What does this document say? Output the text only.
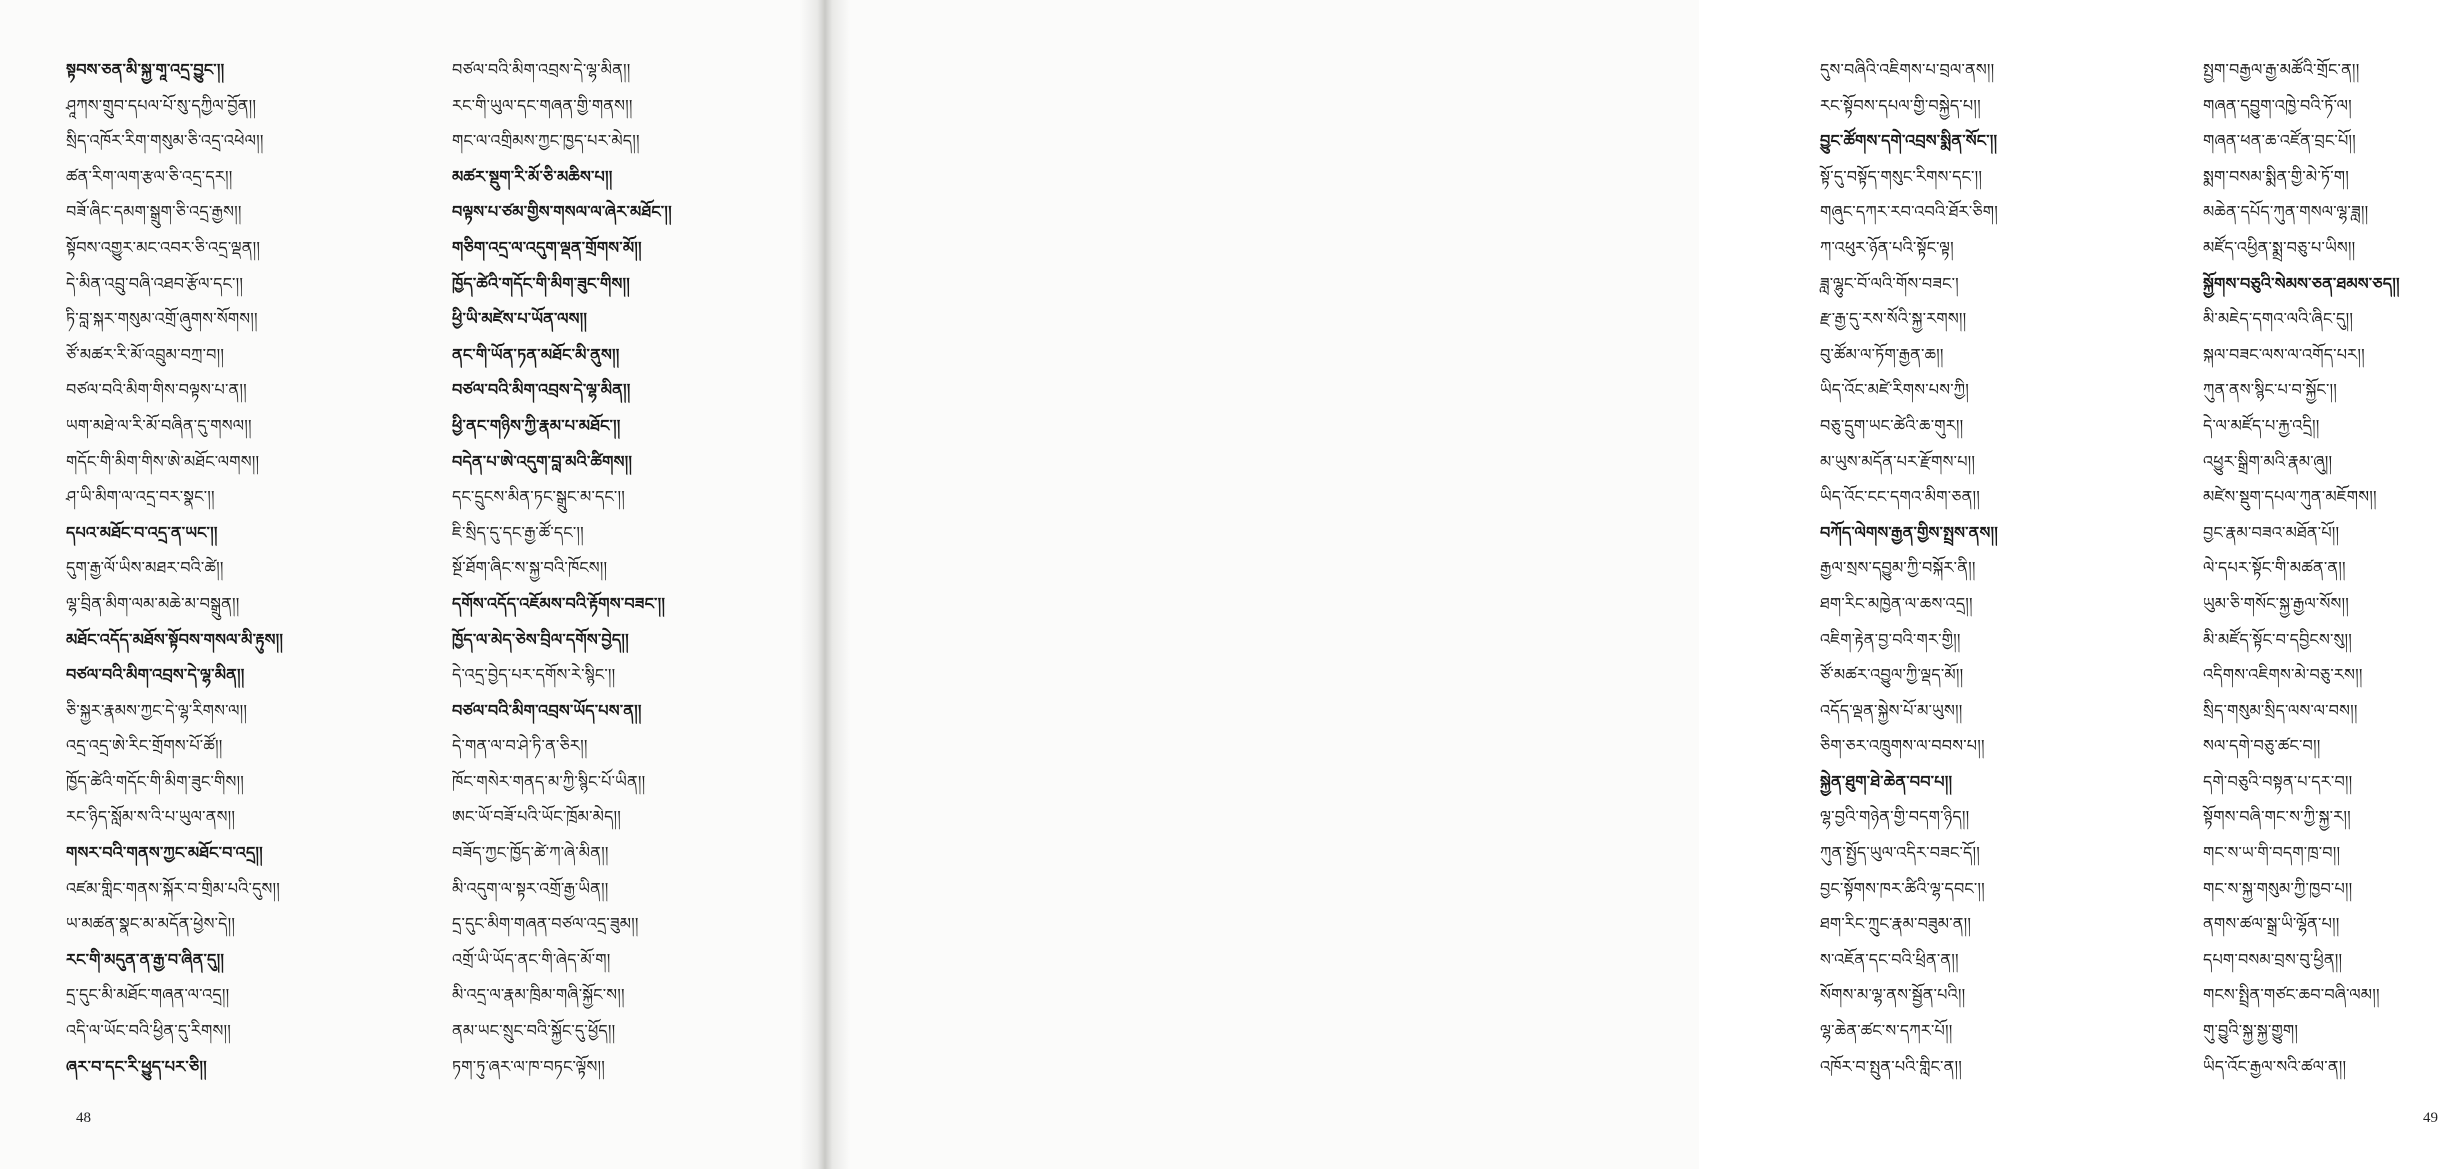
སྟབས་ཅན་མི་སྐྱ་གཱ་འདྲ་བྱུང་།།
ཤཱཀས་གྲུབ་དཔལ་པོ་སུ་དཀྱིལ་བྱོན།།
སྲིད་འཁོར་རིག་གསུམ་ཅི་འདྲ་འཕེལ།།
ཚན་རིག་ལག་རྩལ་ཅི་འདྲ་དར།།
བཟོ་ཞིང་དམག་སྒྲུག་ཅི་འདྲ་རྒྱས།།
སྟོབས་འགྱུར་མང་འབར་ཅི་འདྲ་ལྡན།།
དེ་མིན་འབྲུ་བཞི་འཐབ་རྩོལ་དང་།།
ཏི་བླ་སྐར་གསུམ་འགྲོ་ཞུགས་སོགས།།
ཙོ་མཚར་རི་མོ་འབྲུམ་བཀྲ་བ།།
བཙལ་བའི་མིག་གིས་བལྟས་པ་ན།།
ཡག་མཐེ་ལ་རི་མོ་བཞིན་དུ་གསལ།།
གདོང་གི་མིག་གིས་ཨེ་མཐོང་ལགས།།
ཤ་ཡི་མིག་ལ་འདྲ་བར་སྣང་།།
དཔའ་མཐོང་བ་འདྲ་ན་ཡང་།།
དུག་རྒྱ་ལོ་ཡིས་མཐར་བའི་ཚེ།།
ལྷ་བྲིན་མིག་ལམ་མཆེ་མ་བསྒྲུན།།
མཐོང་འདོད་མཐོས་སྟོབས་གསལ་མི་རྟུས།།
བཙལ་བའི་མིག་འབྲས་དེ་ལྷ་མིན།།
ཅི་སྐྱར་རྣམས་ཀྱང་དེ་ལྷ་རིགས་ལ།།
འདྲ་འདྲ་ཨེ་རིང་གྲོགས་པོ་ཚོ།།
ཁྱོད་ཚེའི་གདོང་གི་མིག་ཟུང་གིས།།
རང་ཉིད་སློམ་ས་འི་པ་ཡུལ་ནས།།
གསར་བའི་གནས་ཀྱང་མཐོང་བ་འདྲ།།
འཛམ་གླིང་གནས་སྐོར་བ་གྲིམ་པའི་དུས།།
ཡ་མཚན་སྣང་མ་མདོན་ཕྱེས་དེ།།
རང་གི་མདུན་ན་རྒྱ་བ་ཞིན་དུ།།
དྲ་དུང་མི་མཐོང་གཞན་ལ་འདྲ།།
འདི་ལ་ཡོང་བའི་ཕྱིན་དུ་རིགས།།
ཞར་བ་དང་རི་ཕྱུད་པར་ཅི།།
བཙལ་བའི་མིག་འབྲས་དེ་ལྷ་མིན།།
རང་གི་ཡུལ་དང་གཞན་གྱི་གནས།།
གང་ལ་འགྲིམས་ཀྱང་ཁྱད་པར་མེད།།
མཚར་སྡུག་རི་མོ་ཅི་མཆིས་པ།།
བལྟས་པ་ཙམ་གྱིས་གསལ་ལ་ཞེར་མཐོང་།།
གཅིག་འདྲ་ལ་འདུག་ལྡན་གྲོགས་མོ།།
ཁྱོད་ཚེའི་གདོང་གི་མིག་ཟུང་གིས།།
ཕྱི་ཡི་མཛེས་པ་ཡོན་ལས།།
ནང་གི་ཡོན་ཏན་མཐོང་མི་ནུས།།
བཙལ་བའི་མིག་འབྲས་དེ་ལྷ་མིན།།
ཕྱི་ནང་གཉིས་ཀྱི་རྣམ་པ་མཐོང་།།
བདེན་པ་ཨེ་འདུག་བླ་མའི་ཚིགས།།
དང་དྲུངས་མིན་ཏང་སྒྲུང་མ་དང་།།
ཇི་སྲིད་དུ་དང་རྒྱ་ཚོ་དང་།།
སྔོ་ཐོག་ཞིང་ས་སྐྱ་བའི་ཁོངས།།
དགོས་འདོད་འཇོམས་བའི་རྟོགས་བཟང་།།
ཁྱོད་ལ་མེད་ཅེས་བྲིལ་དགོས་བྱེད།།
དེ་འདྲ་བྱེད་པར་དགོས་རེ་སྙིང་།།
བཙལ་བའི་མིག་འབྲས་ཡོད་པས་ན།།
དེ་གན་ལ་བ་ཤེ་ཏི་ན་ཅིར།།
ཁོང་གསེར་གནད་མ་ཀྱི་སྙིང་པོ་ཡིན།།
ཨང་ཡོ་བཟོ་པའི་ཡོང་ཁྲོམ་མེད།།
བཟོད་ཀྱང་ཁྱོད་ཚེ་ཀ་ཞེ་མིན།།
མི་འདུག་ལ་སྟར་འགྲོ་རྒྱ་ཡིན།།
དྲ་དུང་མིག་གཞན་བཙལ་འདྲ་ཟུམ།།
འགྲོ་ཡི་ཡོད་ནང་གི་ཞེད་མོ་ག།
མི་འདྲ་ལ་རྣམ་ཁྲིམ་གཞི་སྐྱོང་ས།།
ནམ་ཡང་སྲུང་བའི་སྐྱོང་དུ་ཕྱོད།།
ཏག་ཏུ་ཞར་ལ་ཁ་བཏང་ལྟོས།།
48
དུས་བཞིའི་འཇིགས་པ་བྲལ་ནས།།
རང་སྟོབས་དཔལ་གྱི་བསྐྱེད་པ།།
བྱུང་ཚོགས་དགེ་འབྲས་སྨིན་སོང་།།
སྟོ་དུ་བསྟོད་གསུང་རིགས་དང་།།
གཞུང་དཀར་རབ་འབའི་ཐོར་ཅིག།
ཀ་འཕུར་ཉོན་པའི་སྟོང་ལྟ།
ཟླ་ལྷུང་བོ་ལའི་གོས་བཟང་།
རྫ་རྒྱ་དུ་རས་སོའི་སྐྱ་རགས།།
བུ་ཚོམ་ལ་ཏོག་རྒྱན་ཆ།།
ཡིད་འོང་མཛེ་རིགས་པས་ཀྱི།
བཅུ་དྲུག་ཡང་ཚེའི་ཆ་གུར།།
མ་ཡུས་མདོན་པར་རྫོགས་པ།།
ཡིད་འོང་ངང་དགའ་མིག་ཅན།།
བཀོད་ལེགས་རྒྱན་གྱིས་སྤྲས་ནས།།
རྒྱལ་སྲས་དབྱུམ་ཀྱི་བསྐོར་ནི།།
ཐག་རིང་མཁྱེན་ལ་ཆས་འདྲ།།
འཇིག་རྟེན་བྱ་བའི་གར་གྱི།།
ཙོ་མཚར་འབྱུལ་ཀྱི་ལྡད་མོ།།
འདོད་ལྡན་སྐྱེས་པོ་མ་ཡུས།།
ཅིག་ཅར་འཁྲུགས་ལ་བབས་པ།།
སྐྱེན་ཐུག་ཐེ་ཆེན་བབ་པ།།
ལྷ་བྱའི་གཉེན་གྱི་བདག་ཉིད།།
ཀུན་སྤྱོད་ཡུལ་འདིར་བཟང་དོ།།
བྱང་སྟོགས་ཁར་ཚིའི་ལྷ་དབང་།།
ཐག་རིང་ཀྲུང་རྣམ་བཟུམ་ན།།
ས་འཇོན་དང་བའི་ཕྲིན་ན།།
སོགས་མ་ལྷ་ནས་སྦྱོན་པའི།།
ལྷ་ཆེན་ཚང་ས་དཀར་པོ།།
འཁོར་བ་སྤུན་པའི་གླིང་ན།།
སྤྱག་བརྒྱལ་རྒྱ་མཚོའི་གྲོང་ན།།
གཞན་དབྱུག་འཁྱེ་བའི་ཏོ་ལ།
གཞན་ཕན་ཆ་འཛོན་བྲང་པོ།།
སྨག་བསམ་སྨིན་གྱི་མེ་ཏོ་ག།
མཆེན་དཔོད་ཀུན་གསལ་ལྷ་ཟླ།།
མཛོད་འཕྱིན་སྨྲ་བཅུ་པ་ཡིས།།
སྐྱོགས་བཅུའི་སེམས་ཅན་ཐམས་ཅད།།
མི་མཇེད་དགའ་ལའི་ཞིང་དུ།།
སྐལ་བཟང་ལས་ལ་འགོད་པར།།
ཀུན་ནས་སྙིང་པ་བ་སྐྱོང་།།
དེ་ལ་མཛོད་པ་རྐྱ་འདྲི།།
འཕྱུར་སྒྲིག་མའི་རྣམ་ཞུ།།
མཛེས་སྡུག་དཔལ་ཀུན་མཇོགས།།
བྱང་རྣམ་བཟའ་མཐོན་པོ།།
ལེ་དཔར་སྟོང་གི་མཚན་ན།།
ཡུམ་ཅི་གསོང་སྐྱ་རྒྱལ་སོས།།
མི་མཛོད་སྟོང་བ་དབྱིངས་སུ།།
འདིགས་འཇིགས་མེ་བཅུ་རས།།
སྲིད་གསུམ་སྲིད་ལས་ལ་བས།།
སལ་དགེ་བཅུ་ཚང་བ།།
དགེ་བཅུའི་བསྟན་པ་དར་བ།།
སྟོགས་བཞི་གང་ས་ཀྱི་སྐྱ་ར།།
གང་ས་ཡ་གི་བདག་ཁྲ་བ།།
གང་ས་སྐྱ་གསུམ་ཀྱི་ཁྱབ་པ།།
ནགས་ཚལ་སྒྲ་ཡི་ལྷོན་པ།།
དཔག་བསམ་བྲས་བུ་ཕྱིན།།
གངས་སྤྲིན་གཙང་ཆབ་བཞི་ལམ།།
གུ་བྱུའི་སྐྱ་སྐྱ་གྱུག།
ཡིད་འོང་རྒྱལ་སའི་ཚལ་ན།།
49
